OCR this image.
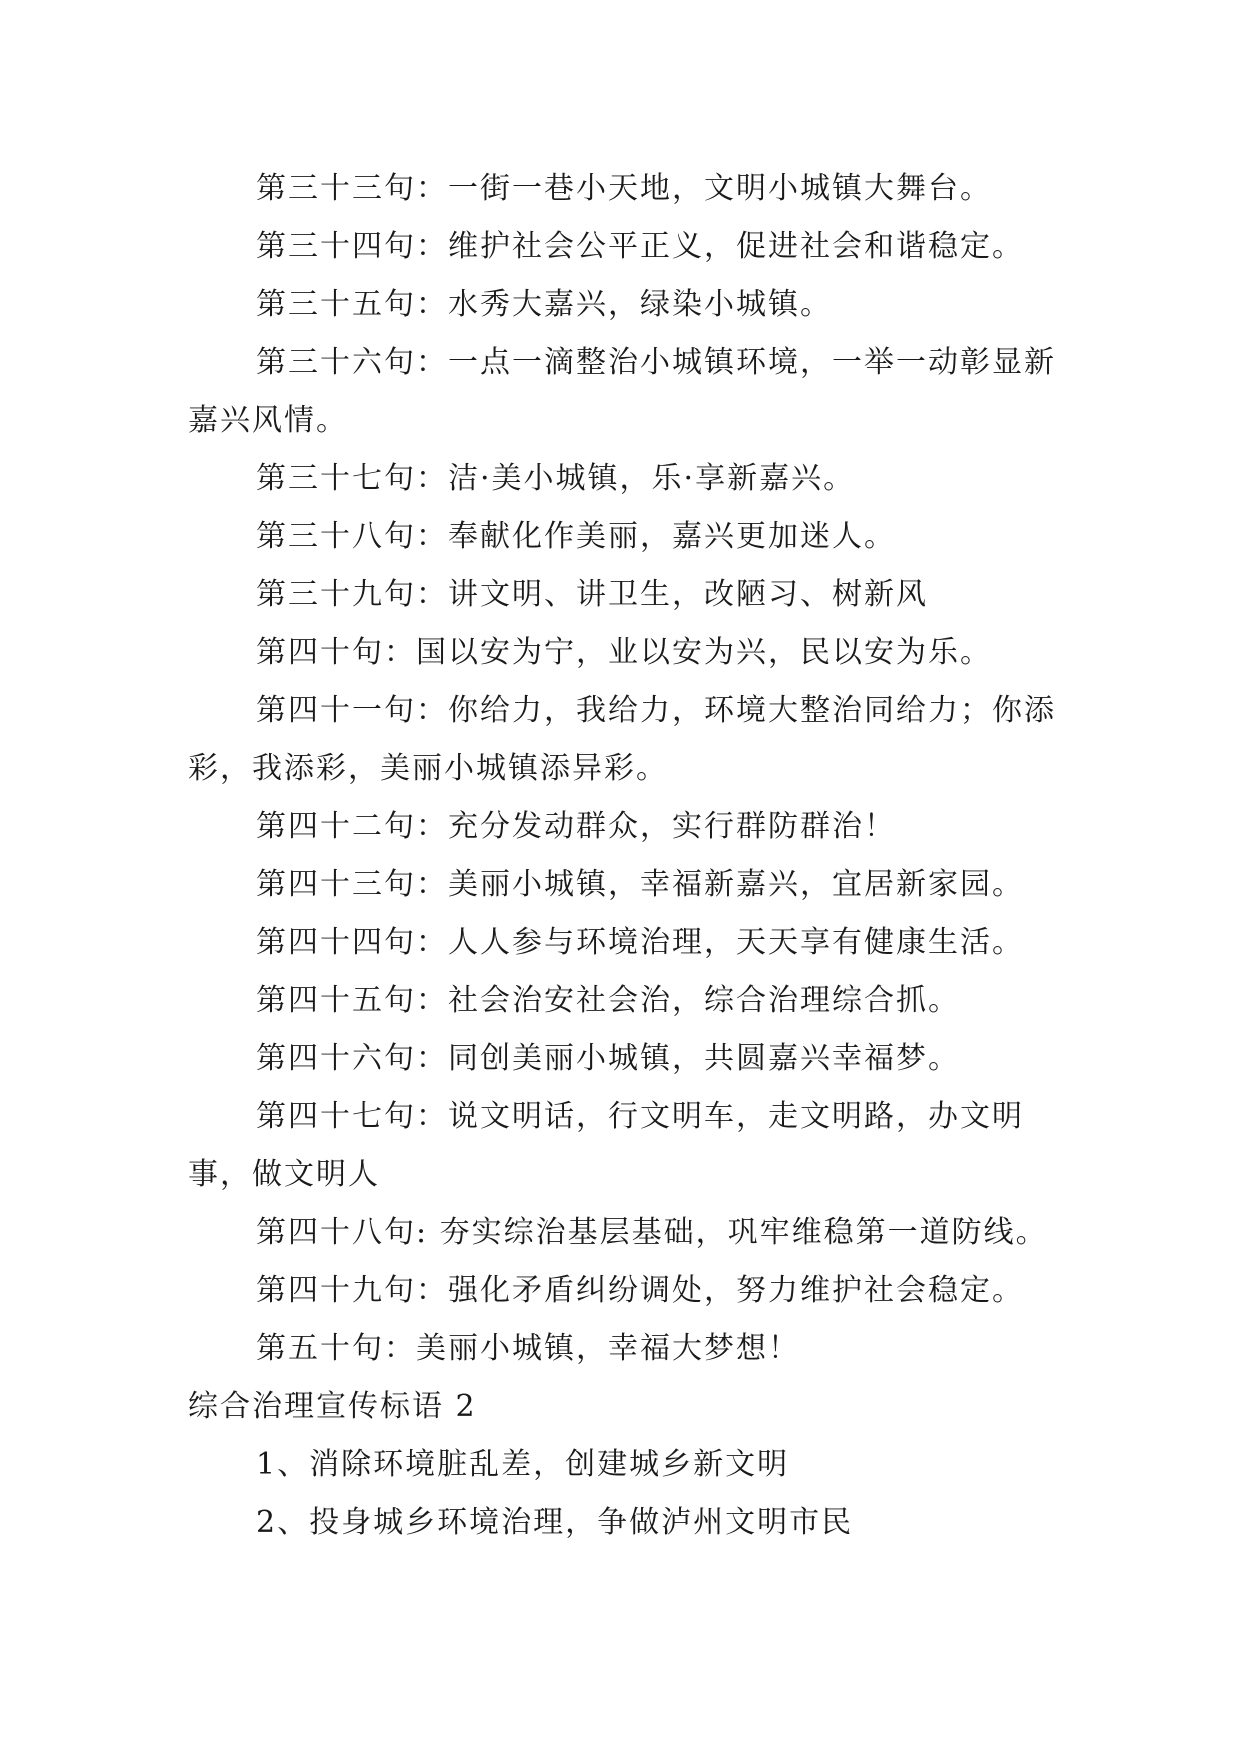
第三十三句：一街一巷小天地，文明小城镇大舞台。

第三十四句：维护社会公平正义，促进社会和谐稳定。

第三十五句：水秀大嘉兴，绿染小城镇。

第三十六句：一点一滴整治小城镇环境，一举一动彰显新嘉兴风情。

第三十七句：洁·美小城镇，乐·享新嘉兴。

第三十八句：奉献化作美丽，嘉兴更加迷人。

第三十九句：讲文明、讲卫生，改陋习、树新风

第四十句：国以安为宁，业以安为兴，民以安为乐。

第四十一句：你给力，我给力，环境大整治同给力；你添彩，我添彩，美丽小城镇添异彩。

第四十二句：充分发动群众，实行群防群治！

第四十三句：美丽小城镇，幸福新嘉兴，宜居新家园。

第四十四句：人人参与环境治理，天天享有健康生活。

第四十五句：社会治安社会治，综合治理综合抓。

第四十六句：同创美丽小城镇，共圆嘉兴幸福梦。

第四十七句：说文明话，行文明车，走文明路，办文明事，做文明人

第四十八句: 夯实综治基层基础，巩牢维稳第一道防线。

第四十九句：强化矛盾纠纷调处，努力维护社会稳定。

第五十句：美丽小城镇，幸福大梦想！

综合治理宣传标语 2

1、消除环境脏乱差，创建城乡新文明

2、投身城乡环境治理，争做泸州文明市民
